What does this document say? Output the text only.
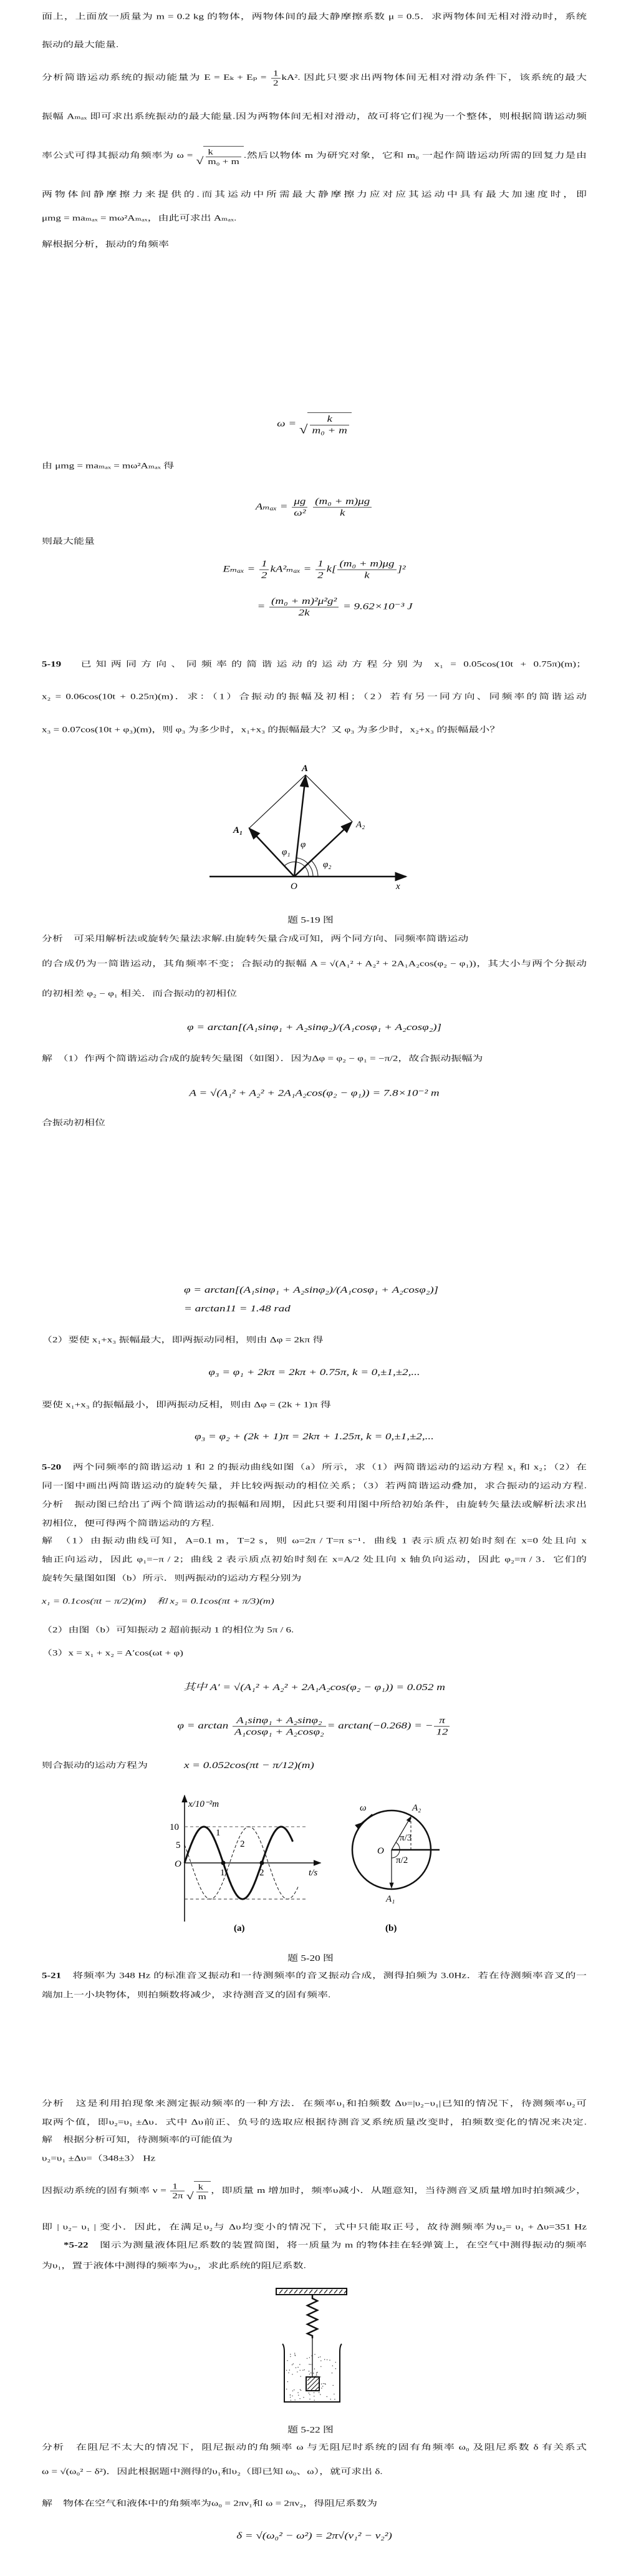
面上，上面放一质量为 m = 0.2 kg 的物体，两物体间的最大静摩擦系数 μ = 0.5．求两物体间无相对滑动时，系统
振动的最大能量.
分析简谐运动系统的振动能量为 $E = E_k + E_p = \frac{1}{2} kA^2$. 因此只要求出两物体间无相对滑动条件下，该系统的最大
振幅 Aₘₐₓ 即可求出系统振动的最大能量.因为两物体间无相对滑动，故可将它们视为一个整体，则根据简谐运动频
率公式可得其振动角频率为 ω = √ $\frac{k}{\text{m₀ + m}}$ .然后以物体 m 为研究对象，它和 m₀ 一起作简谐运动所需的回复力是由
两物体间静摩擦力来提供的.而其运动中所需最大静摩擦力应对应其运动中具有最大加速度时，即
μmg = maₘₐₓ = mω²Aₘₐₓ，由此可求出 Aₘₐₓ.
解根据分析，振动的角频率
ω = √ $\frac{k}{\text{m₀ + m}}$
由 μmg = maₘₐₓ = mω²Aₘₐₓ 得
$A_{max} = \frac{\mu g}{\text{ω²}}$
$\frac{\text{(m₀ + m)μg}}{k}$
则最大能量
$E_{max} = \frac{1}{2} kA^2_{max} = \frac{1}{2} k[ \frac{\text{(m₀ + m)μg}}{k} ]^2$
= $\frac{\text{(m₀ + m)²μ²g²}}{2k} = 9.62\times 10^{-3}$ J
5-19　 已知两同方向、同频率的简谐运动的运动方程分别为 x₁ = 0.05cos(10t + 0.75π)(m)；
x₂ = 0.06cos(10t + 0.25π)(m)．求：（1）合振动的振幅及初相；（2）若有另一同方向、同频率的简谐运动
x₃ = 0.07cos(10t + φ₃)(m)，则 φ₃ 为多少时，x₁+x₃ 的振幅最大？又 φ₃ 为多少时，x₂+x₃ 的振幅最小？
A
A₁
A₂
φ₁
φ
φ₂
O	x
题 5-19 图
分析　可采用解析法或旋转矢量法求解.由旋转矢量合成可知，两个同方向、同频率简谐运动
的合成仍为一简谐运动，其角频率不变；合振动的振幅 A = √(A₁² + A₂² + 2A₁A₂cos(φ₂ − φ₁))，其大小与两个分振动
的初相差 φ₂ − φ₁ 相关．而合振动的初相位
φ = arctan[(A₁sinφ₁ + A₂sinφ₂)/(A₁cosφ₁ + A₂cosφ₂)]
解　（1）作两个简谐运动合成的旋转矢量图（如图）．因为Δφ = φ₂ − φ₁ = −π/2，故合振动振幅为
A = √(A₁² + A₂² + 2A₁A₂cos(φ₂ − φ₁)) = 7.8×10⁻² m
合振动初相位
φ = arctan[(A₁sinφ₁ + A₂sinφ₂)/(A₁cosφ₁ + A₂cosφ₂)]
= arctan11 = 1.48 rad
（2）要使 x₁+x₃ 振幅最大，即两振动同相，则由 Δφ = 2kπ 得
φ₃ = φ₁ + 2kπ = 2kπ + 0.75π, k = 0,±1,±2,...
要使 x₁+x₃ 的振幅最小，即两振动反相，则由 Δφ = (2k + 1)π 得
φ₃ = φ₂ + (2k + 1)π = 2kπ + 1.25π, k = 0,±1,±2,...
5-20　 两个同频率的简谐运动 1 和 2 的振动曲线如图（a）所示，求（1）两简谐运动的运动方程 x₁ 和 x₂；（2）在
同一图中画出两简谐运动的旋转矢量，并比较两振动的相位关系；（3）若两简谐运动叠加，求合振动的运动方程.
分析　振动图已给出了两个简谐运动的振幅和周期，因此只要利用图中所给初始条件，由旋转矢量法或解析法求出
初相位，便可得两个简谐运动的方程.
解　（1）由振动曲线可知，A=0.1 m，T=2 s，则 ω=2π / T=π s⁻¹．曲线 1 表示质点初始时刻在 x=0 处且向 x
轴正向运动，因此 φ₁=−π / 2；曲线 2 表示质点初始时刻在 x=A/2 处且向 x 轴负向运动，因此 φ₂=π / 3．它们的
旋转矢量图如图（b）所示．则两振动的运动方程分别为
x₁ = 0.1cos(πt − π/2)(m)　和 x₂ = 0.1cos(πt + π/3)(m)
（2）由图（b）可知振动 2 超前振动 1 的相位为 5π / 6.
（3）x = x₁ + x₂ = A′cos(ωt + φ)
其中 A′ = √(A₁² + A₂² + 2A₁A₂cos(φ₂ − φ₁)) = 0.052 m
$\varphi = \arctan \frac{\text{A₁sinφ₁ + A₂sinφ₂}}{\text{A₁cosφ₁ + A₂cosφ₂}} = \arctan(-0.268)$ = − $\frac{\pi}{12}$
则合振动的运动方程为	x = 0.052cos(πt − π/12)(m)
x/10⁻²m
10
5
O
1	2	t/s
1
2
(a)
ω	A₂
A₁
O
π/3
π/2
(b)
题 5-20 图
5-21　 将频率为 348 Hz 的标准音叉振动和一待测频率的音叉振动合成，测得拍频为 3.0Hz．若在待测频率音叉的一
端加上一小块物体，则拍频数将减少，求待测音叉的固有频率.
分析　这是利用拍现象来测定振动频率的一种方法．在频率υ₁和拍频数 Δυ=|υ₂−υ₁|已知的情况下，待测频率υ₂可
取两个值，即υ₂=υ₁ ±Δυ．式中 Δυ前正、负号的选取应根据待测音叉系统质量改变时，拍频数变化的情况来决定.
解　根据分析可知，待测频率的可能值为
υ₂=υ₁ ±Δυ=（348±3） Hz
因振动系统的固有频率 $\nu = \frac{1}{2\pi}$ √ $\frac{k}{m}$ ，即质量 m 增加时，频率υ减小．从题意知，当待测音叉质量增加时拍频减少，
即 | υ₂− υ₁ | 变小．因此，在满足υ₂与 Δυ均变小的情况下，式中只能取正号，故待测频率为υ₂= υ₁ + Δυ=351 Hz
*5-22　 图示为测量液体阻尼系数的装置简图，将一质量为 m 的物体挂在轻弹簧上，在空气中测得振动的频率
为υ₁，置于液体中测得的频率为υ₂，求此系统的阻尼系数.
题 5-22 图
分析　在阻尼不太大的情况下，阻尼振动的角频率 ω 与无阻尼时系统的固有角频率 ω₀ 及阻尼系数 δ 有关系式
ω = √(ω₀² − δ²)．因此根据题中测得的υ₁和υ₂（即已知 ω₀、ω），就可求出 δ.
解　物体在空气和液体中的角频率为ω₀ = 2πν₁和 ω = 2πν₂，得阻尼系数为
δ = √(ω₀² − ω²) = 2π√(ν₁² − ν₂²)
